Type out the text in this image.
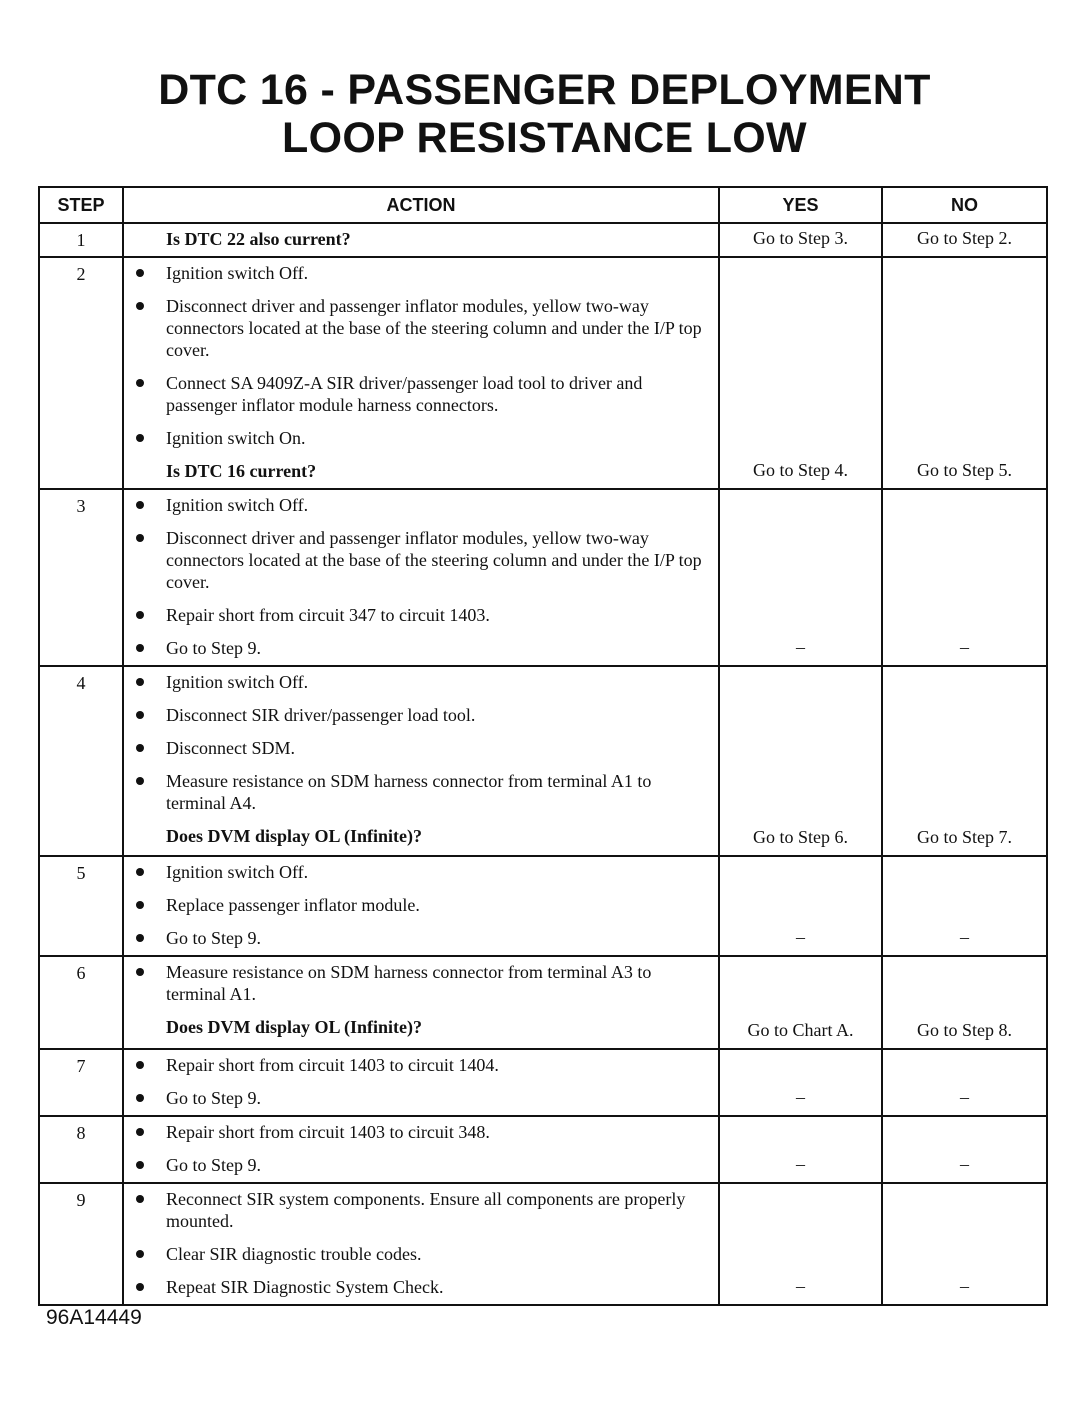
DTC 16 - PASSENGER DEPLOYMENT
LOOP RESISTANCE LOW
STEP	ACTION	YES	NO
1	Is DTC 22 also current?	Go to Step 3.	Go to Step 2.
2	Ignition switch Off.
Disconnect driver and passenger inflator modules, yellow two-way connectors located at the base of the steering column and under the I/P top cover.
Connect SA 9409Z-A SIR driver/passenger load tool to driver and passenger inflator module harness connectors.
Ignition switch On.
Is DTC 16 current?	Go to Step 4.	Go to Step 5.
3	Ignition switch Off.
Disconnect driver and passenger inflator modules, yellow two-way connectors located at the base of the steering column and under the I/P top cover.
Repair short from circuit 347 to circuit 1403.
Go to Step 9.	–	–
4	Ignition switch Off.
Disconnect SIR driver/passenger load tool.
Disconnect SDM.
Measure resistance on SDM harness connector from terminal A1 to terminal A4.
Does DVM display OL (Infinite)?	Go to Step 6.	Go to Step 7.
5	Ignition switch Off.
Replace passenger inflator module.
Go to Step 9.	–	–
6	Measure resistance on SDM harness connector from terminal A3 to terminal A1.
Does DVM display OL (Infinite)?	Go to Chart A.	Go to Step 8.
7	Repair short from circuit 1403 to circuit 1404.
Go to Step 9.	–	–
8	Repair short from circuit 1403 to circuit 348.
Go to Step 9.	–	–
9	Reconnect SIR system components. Ensure all components are properly mounted.
Clear SIR diagnostic trouble codes.
Repeat SIR Diagnostic System Check.	–	–
96A14449
